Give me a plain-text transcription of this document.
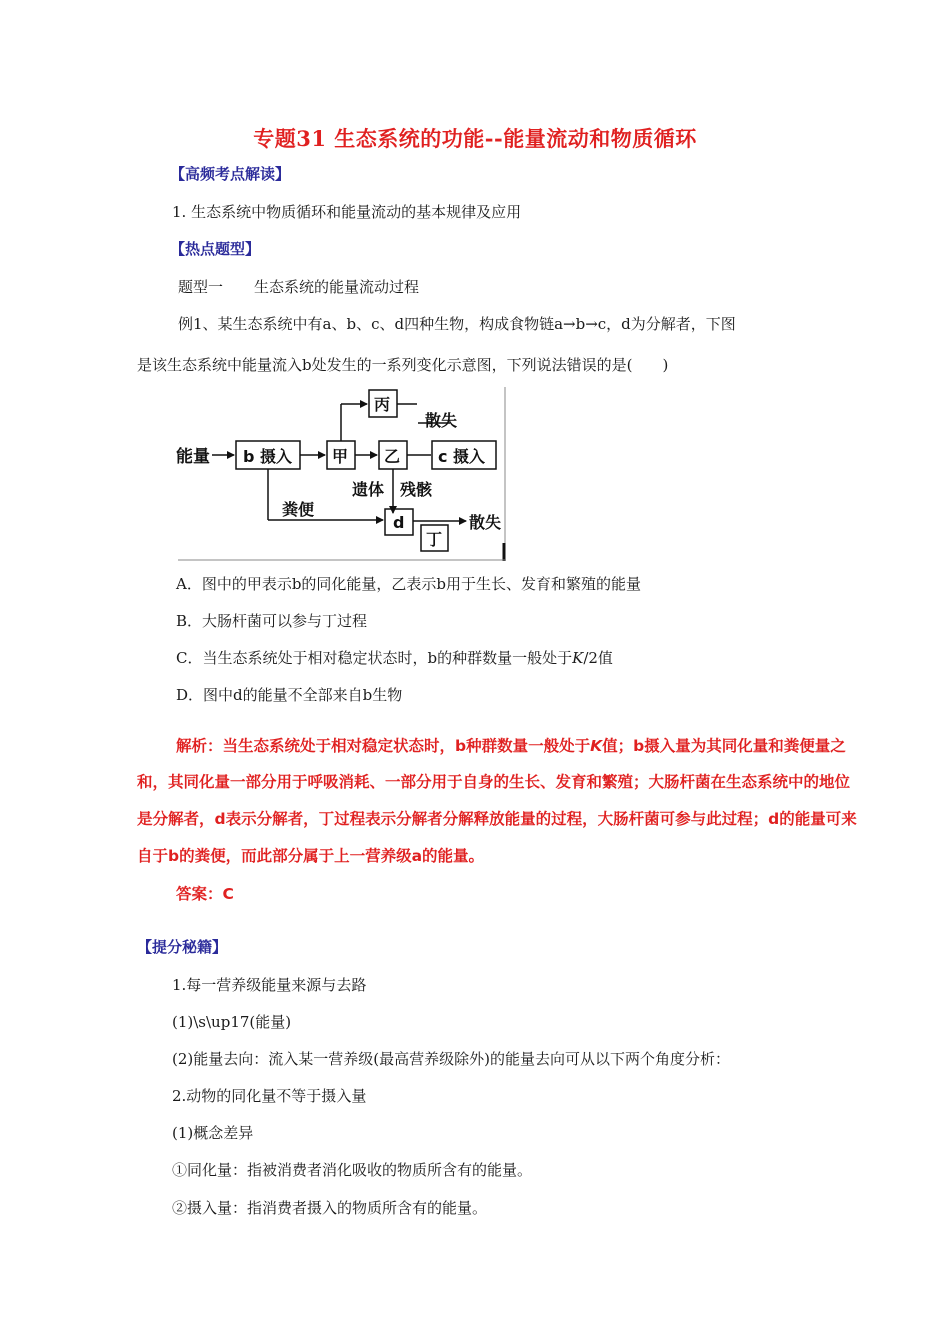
专题31 生态系统的功能--能量流动和物质循环
【高频考点解读】
1. 生态系统中物质循环和能量流动的基本规律及应用
【热点题型】
题型一 生态系统的能量流动过程
例1、某生态系统中有a、b、c、d四种生物，构成食物链a→b→c，d为分解者，下图
是该生态系统中能量流入b处发生的一系列变化示意图，下列说法错误的是(　　)
能量 b 摄入 甲
丙
散失
乙 c 摄入
遗体 残骸
粪便
d	散失
丁
A．图中的甲表示b的同化能量，乙表示b用于生长、发育和繁殖的能量
B．大肠杆菌可以参与丁过程
C．当生态系统处于相对稳定状态时，b的种群数量一般处于K/2值
D．图中d的能量不全部来自b生物
解析：当生态系统处于相对稳定状态时，b种群数量一般处于K值；b摄入量为其同化量和粪便量之
和，其同化量一部分用于呼吸消耗、一部分用于自身的生长、发育和繁殖；大肠杆菌在生态系统中的地位
是分解者，d表示分解者，丁过程表示分解者分解释放能量的过程，大肠杆菌可参与此过程；d的能量可来
自于b的粪便，而此部分属于上一营养级a的能量。
答案：C
【提分秘籍】
1.每一营养级能量来源与去路
(1)\s\up17(能量)
(2)能量去向：流入某一营养级(最高营养级除外)的能量去向可从以下两个角度分析：
2.动物的同化量不等于摄入量
(1)概念差异
①同化量：指被消费者消化吸收的物质所含有的能量。
②摄入量：指消费者摄入的物质所含有的能量。
